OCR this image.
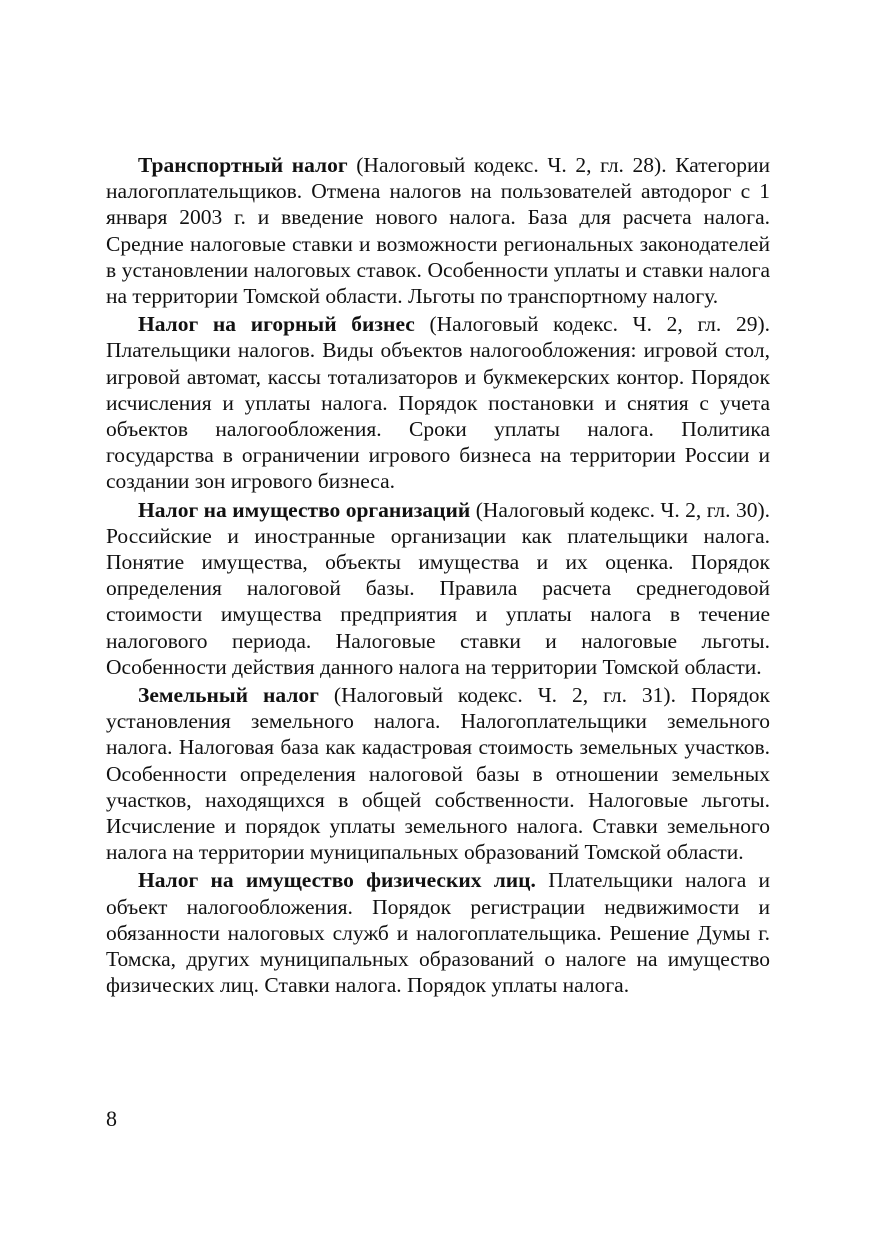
Транспортный налог (Налоговый кодекс. Ч. 2, гл. 28). Категории налогоплательщиков. Отмена налогов на пользователей автодорог с 1 января 2003 г. и введение нового налога. База для расчета налога. Средние налоговые ставки и возможности региональных законодателей в установлении налоговых ставок. Особенности уплаты и ставки налога на территории Томской области. Льготы по транспортному налогу.

Налог на игорный бизнес (Налоговый кодекс. Ч. 2, гл. 29). Плательщики налогов. Виды объектов налогообложения: игровой стол, игровой автомат, кассы тотализаторов и букмекерских контор. Порядок исчисления и уплаты налога. Порядок постановки и снятия с учета объектов налогообложения. Сроки уплаты налога. Политика государства в ограничении игрового бизнеса на территории России и создании зон игрового бизнеса.

Налог на имущество организаций (Налоговый кодекс. Ч. 2, гл. 30). Российские и иностранные организации как плательщики налога. Понятие имущества, объекты имущества и их оценка. Порядок определения налоговой базы. Правила расчета среднегодовой стоимости имущества предприятия и уплаты налога в течение налогового периода. Налоговые ставки и налоговые льготы. Особенности действия данного налога на территории Томской области.

Земельный налог (Налоговый кодекс. Ч. 2, гл. 31). Порядок установления земельного налога. Налогоплательщики земельного налога. Налоговая база как кадастровая стоимость земельных участков. Особенности определения налоговой базы в отношении земельных участков, находящихся в общей собственности. Налоговые льготы. Исчисление и порядок уплаты земельного налога. Ставки земельного налога на территории муниципальных образований Томской области.

Налог на имущество физических лиц. Плательщики налога и объект налогообложения. Порядок регистрации недвижимости и обязанности налоговых служб и налогоплательщика. Решение Думы г. Томска, других муниципальных образований о налоге на имущество физических лиц. Ставки налога. Порядок уплаты налога.

8
